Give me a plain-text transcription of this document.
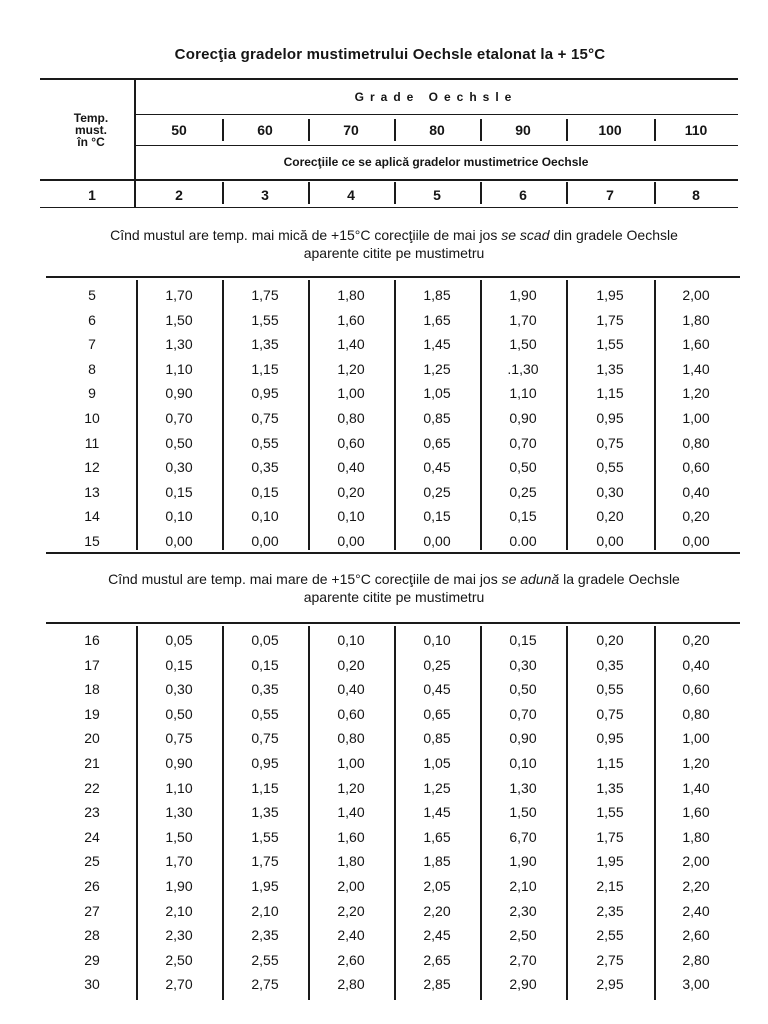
Corecţia gradelor mustimetrului Oechsle etalonat la + 15°C
Temp.
must.
în °C
Grade Oechsle
Corecţiile ce se aplică gradelor mustimetrice Oechsle
50	60	70	80	90	100	110
1	2	3	4	5	6	7	8
Cînd mustul are temp. mai mică de +15°C corecţiile de mai jos se scad din gradele Oechsle
aparente citite pe mustimetru
5	1,70	1,75	1,80	1,85	1,90	1,95	2,00
6	1,50	1,55	1,60	1,65	1,70	1,75	1,80
7	1,30	1,35	1,40	1,45	1,50	1,55	1,60
8	1,10	1,15	1,20	1,25	.1,30	1,35	1,40
9	0,90	0,95	1,00	1,05	1,10	1,15	1,20
10	0,70	0,75	0,80	0,85	0,90	0,95	1,00
11	0,50	0,55	0,60	0,65	0,70	0,75	0,80
12	0,30	0,35	0,40	0,45	0,50	0,55	0,60
13	0,15	0,15	0,20	0,25	0,25	0,30	0,40
14	0,10	0,10	0,10	0,15	0,15	0,20	0,20
15	0,00	0,00	0,00	0,00	0.00	0,00	0,00
Cînd mustul are temp. mai mare de +15°C corecţiile de mai jos se adună la gradele Oechsle
aparente citite pe mustimetru
16	0,05	0,05	0,10	0,10	0,15	0,20	0,20
17	0,15	0,15	0,20	0,25	0,30	0,35	0,40
18	0,30	0,35	0,40	0,45	0,50	0,55	0,60
19	0,50	0,55	0,60	0,65	0,70	0,75	0,80
20	0,75	0,75	0,80	0,85	0,90	0,95	1,00
21	0,90	0,95	1,00	1,05	0,10	1,15	1,20
22	1,10	1,15	1,20	1,25	1,30	1,35	1,40
23	1,30	1,35	1,40	1,45	1,50	1,55	1,60
24	1,50	1,55	1,60	1,65	6,70	1,75	1,80
25	1,70	1,75	1,80	1,85	1,90	1,95	2,00
26	1,90	1,95	2,00	2,05	2,10	2,15	2,20
27	2,10	2,10	2,20	2,20	2,30	2,35	2,40
28	2,30	2,35	2,40	2,45	2,50	2,55	2,60
29	2,50	2,55	2,60	2,65	2,70	2,75	2,80
30	2,70	2,75	2,80	2,85	2,90	2,95	3,00
